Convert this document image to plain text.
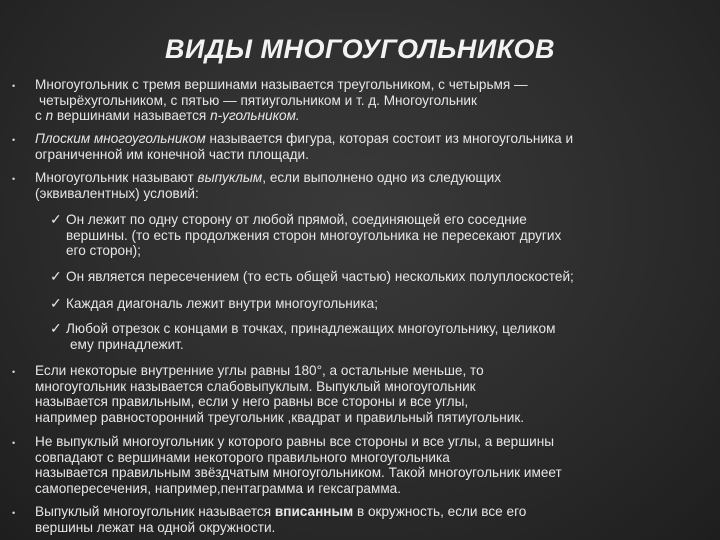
ВИДЫ МНОГОУГОЛЬНИКОВ
• Многоугольник с тремя вершинами называется треугольником, с четырьмя —
четырёхугольником, с пятью — пятиугольником и т. д. Многоугольник
с n вершинами называется n-угольником.
• Плоским многоугольником называется фигура, которая состоит из многоугольника и
ограниченной им конечной части площади.
• Многоугольник называют выпуклым, если выполнено одно из следующих
(эквивалентных) условий:
✓ Он лежит по одну сторону от любой прямой, соединяющей его соседние
вершины. (то есть продолжения сторон многоугольника не пересекают других
его сторон);
✓ Он является пересечением (то есть общей частью) нескольких полуплоскостей;
✓ Каждая диагональ лежит внутри многоугольника;
✓ Любой отрезок с концами в точках, принадлежащих многоугольнику, целиком
ему принадлежит.
• Если некоторые внутренние углы равны 180°, а остальные меньше, то
многоугольник называется слабовыпуклым. Выпуклый многоугольник
называется правильным, если у него равны все стороны и все углы,
например равносторонний треугольник ,квадрат и правильный пятиугольник.
• Не выпуклый многоугольник у которого равны все стороны и все углы, а вершины
совпадают с вершинами некоторого правильного многоугольника
называется правильным звёздчатым многоугольником. Такой многоугольник имеет
самопересечения, например,пентаграмма и гексаграмма.
• Выпуклый многоугольник называется вписанным в окружность, если все его
вершины лежат на одной окружности.
